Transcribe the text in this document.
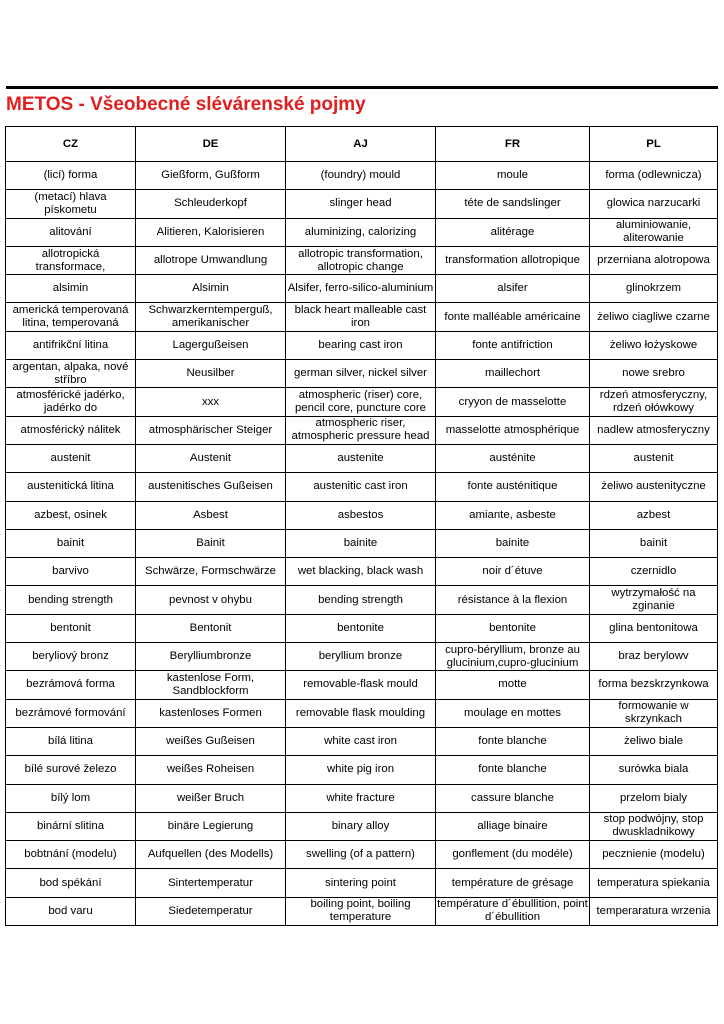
METOS - Všeobecné slévárenské pojmy
CZ	DE	AJ	FR	PL
(licí) forma	Gießform, Gußform	(foundry) mould	moule	forma (odlewnicza)
(metací) hlava pískometu	Schleuderkopf	slinger head	téte de sandslinger	glowica narzucarki
alitování	Alitieren, Kalorisieren	aluminizing, calorizing	alitérage	aluminiowanie, aliterowanie
allotropická transformace,	allotrope Umwandlung	allotropic transformation, allotropic change	transformation allotropique	przerniana alotropowa
alsimin	Alsimin	Alsifer, ferro-silico-aluminium	alsifer	glinokrzem
americká temperovaná litina, temperovaná	Schwarzkerntemperguß, amerikanischer	black heart malleable cast iron	fonte malléable américaine	żeliwo ciagliwe czarne
antifrikční litina	Lagergußeisen	bearing cast iron	fonte antifriction	żeliwo łożyskowe
argentan, alpaka, nové stříbro	Neusilber	german silver, nickel silver	maillechort	nowe srebro
atmosférické jadérko, jadérko do	xxx	atmospheric (riser) core, pencil core, puncture core	cryyon de masselotte	rdzeń atmosferyczny, rdzeń ołówkowy
atmosférický nálitek	atmosphärischer Steiger	atmospheric riser, atmospheric pressure head	masselotte atmosphérique	nadlew atmosferyczny
austenit	Austenit	austenite	austénite	austenit
austenitická litina	austenitisches Gußeisen	austenitic cast iron	fonte austénitique	żeliwo austenityczne
azbest, osinek	Asbest	asbestos	amiante, asbeste	azbest
bainit	Bainit	bainite	bainite	bainit
barvivo	Schwärze, Formschwärze	wet blacking, black wash	noir d´étuve	czernidlo
bending strength	pevnost v ohybu	bending strength	résistance à la flexion	wytrzymałość na zginanie
bentonit	Bentonit	bentonite	bentonite	glina bentonitowa
beryliový bronz	Berylliumbronze	beryllium bronze	cupro-béryllium, bronze au glucinium,cupro-glucinium	braz berylowv
bezrámová forma	kastenlose Form, Sandblockform	removable-flask mould	motte	forma bezskrzynkowa
bezrámové formování	kastenloses Formen	removable flask moulding	moulage en mottes	formowanie w skrzynkach
bílá litina	weißes Gußeisen	white cast iron	fonte blanche	żeliwo biale
bílé surové železo	weißes Roheisen	white pig iron	fonte blanche	surówka biala
bílý lom	weißer Bruch	white fracture	cassure blanche	przelom bialy
binární slitina	binäre Legierung	binary alloy	alliage binaire	stop podwójny, stop dwuskladnikowy
bobtnání (modelu)	Aufquellen (des Modells)	swelling (of a pattern)	gonflement (du modéle)	pecznienie (modelu)
bod spékání	Sintertemperatur	sintering point	température de grésage	temperatura spiekania
bod varu	Siedetemperatur	boiling point, boiling temperature	température d´ébullition, point d´ébullition	temperaratura wrzenia
